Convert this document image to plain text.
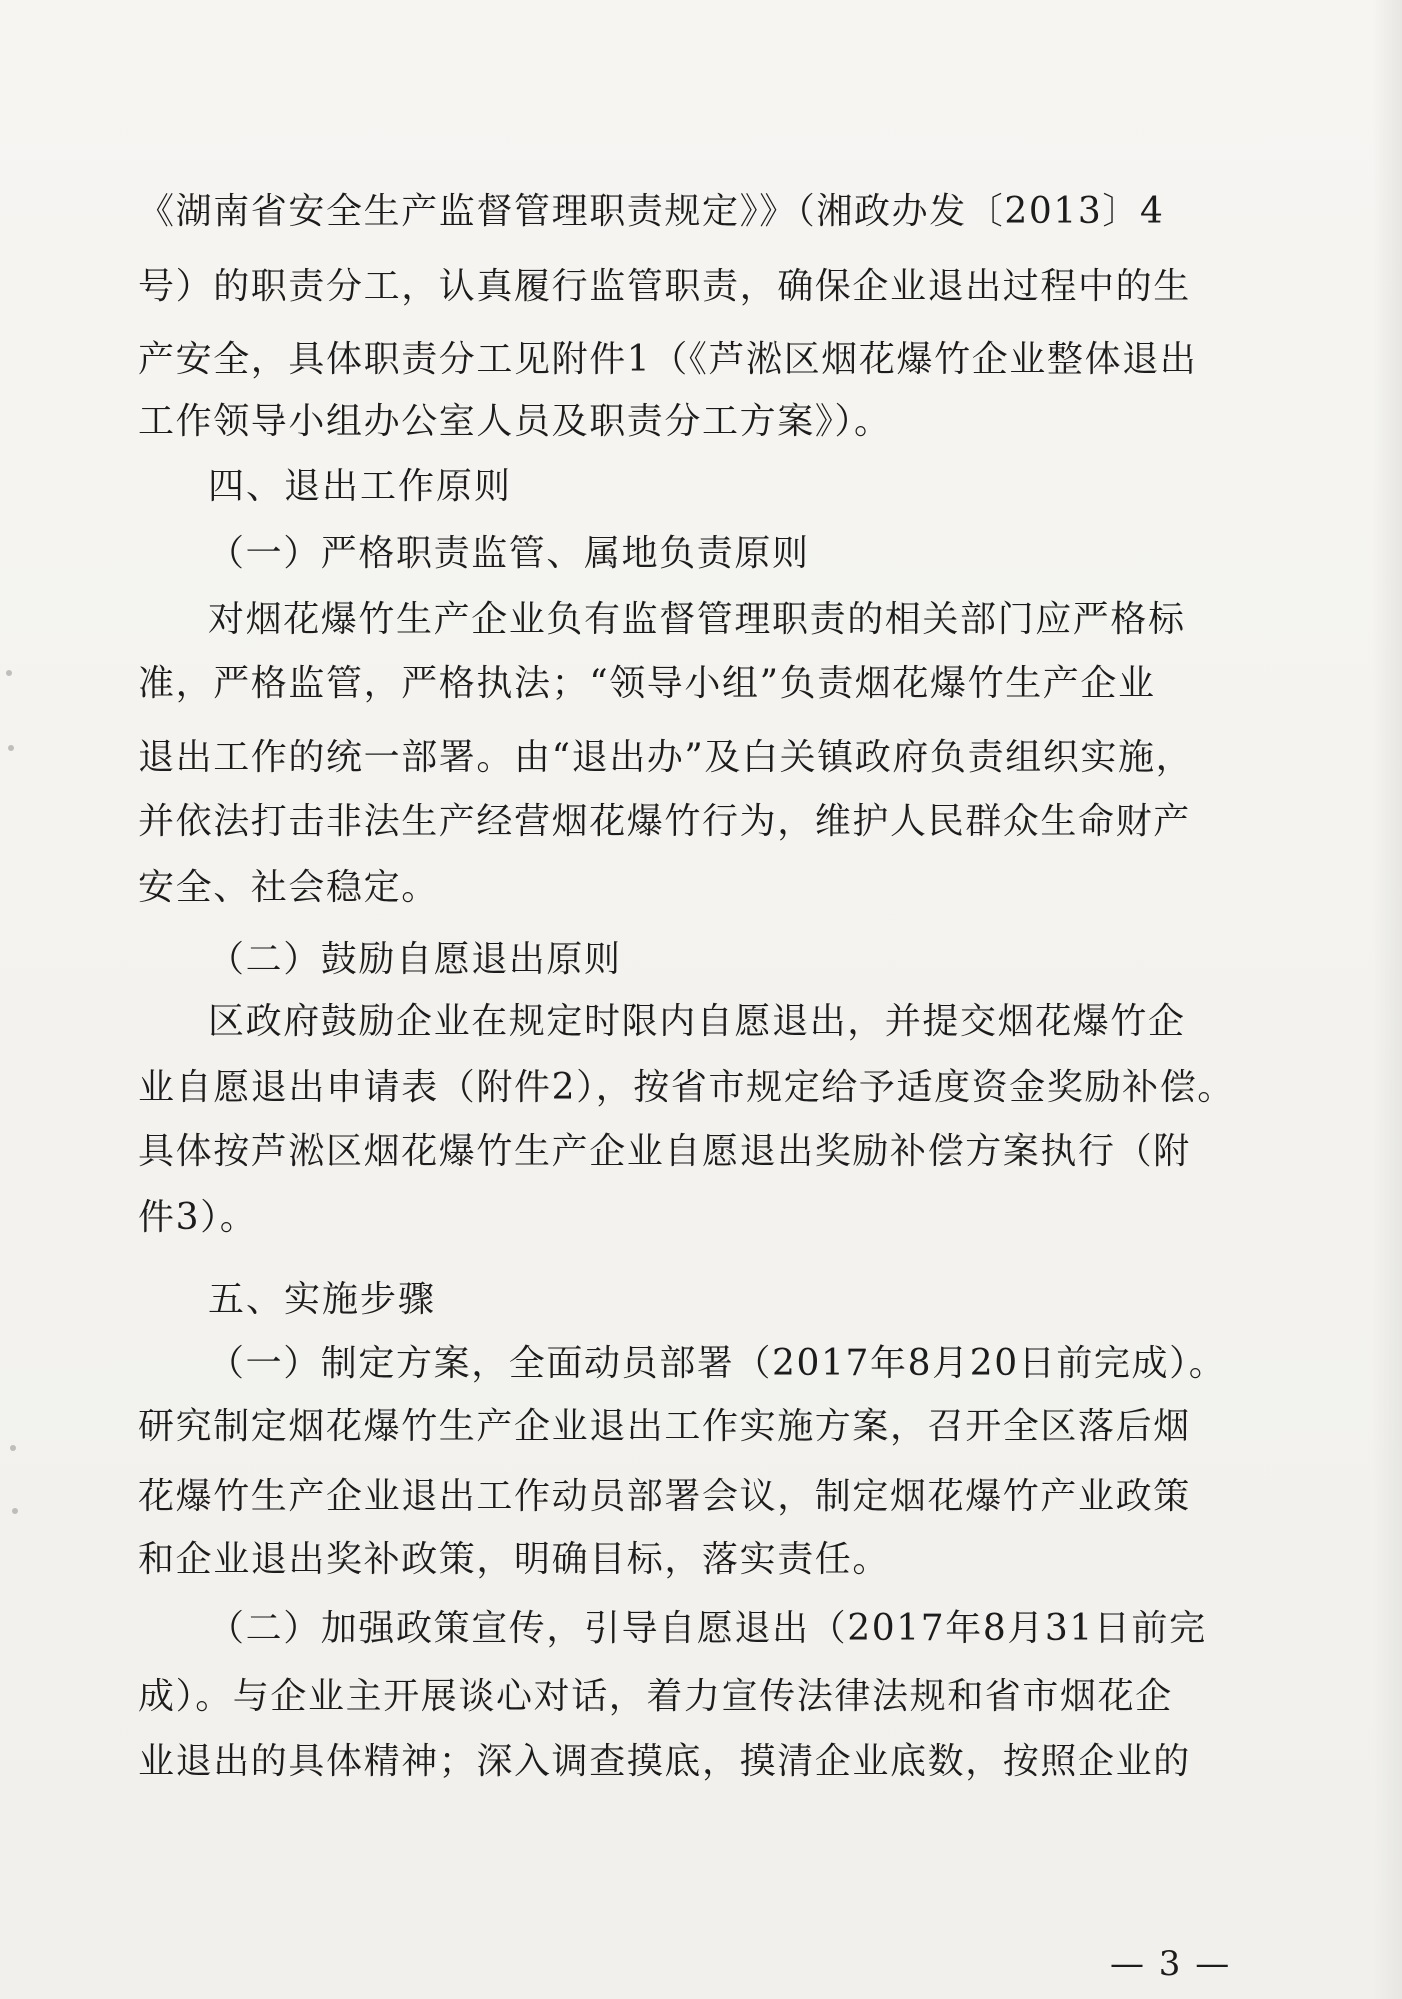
《湖南省安全生产监督管理职责规定》》（湘政办发〔2013〕4
号）的职责分工，认真履行监管职责，确保企业退出过程中的生
产安全，具体职责分工见附件1（《芦淞区烟花爆竹企业整体退出
工作领导小组办公室人员及职责分工方案》）。
四、退出工作原则
（一）严格职责监管、属地负责原则
对烟花爆竹生产企业负有监督管理职责的相关部门应严格标
准，严格监管，严格执法；“领导小组”负责烟花爆竹生产企业
退出工作的统一部署。由“退出办”及白关镇政府负责组织实施，
并依法打击非法生产经营烟花爆竹行为，维护人民群众生命财产
安全、社会稳定。
（二）鼓励自愿退出原则
区政府鼓励企业在规定时限内自愿退出，并提交烟花爆竹企
业自愿退出申请表（附件2），按省市规定给予适度资金奖励补偿。
具体按芦淞区烟花爆竹生产企业自愿退出奖励补偿方案执行（附
件3）。
五、实施步骤
（一）制定方案，全面动员部署（2017年8月20日前完成）。
研究制定烟花爆竹生产企业退出工作实施方案，召开全区落后烟
花爆竹生产企业退出工作动员部署会议，制定烟花爆竹产业政策
和企业退出奖补政策，明确目标，落实责任。
（二）加强政策宣传，引导自愿退出（2017年8月31日前完
成）。与企业主开展谈心对话，着力宣传法律法规和省市烟花企
业退出的具体精神；深入调查摸底，摸清企业底数，按照企业的
— 3 —
